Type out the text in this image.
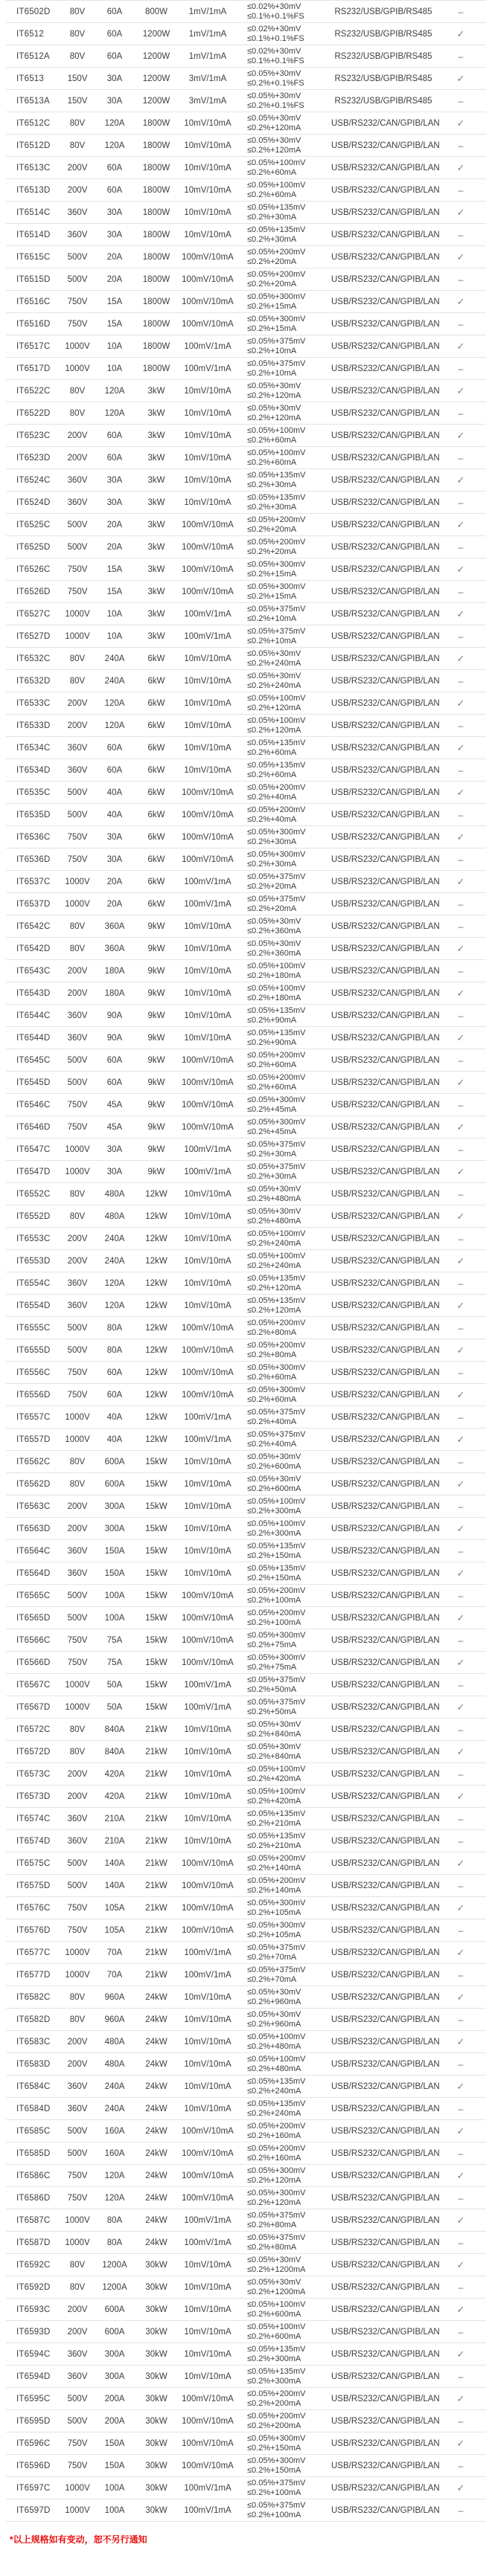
IT6502D	80V	60A	800W	1mV/1mA
≤0.02%+30mV
≤0.1%+0.1%FS	RS232/USB/GPIB/RS485	–
IT6512	80V	60A	1200W	1mV/1mA
≤0.02%+30mV
≤0.1%+0.1%FS	RS232/USB/GPIB/RS485	✓
IT6512A	80V	60A	1200W	1mV/1mA
≤0.02%+30mV
≤0.1%+0.1%FS	RS232/USB/GPIB/RS485	–
IT6513	150V	30A	1200W	3mV/1mA
≤0.05%+30mV
≤0.2%+0.1%FS	RS232/USB/GPIB/RS485	✓
IT6513A	150V	30A	1200W	3mV/1mA
≤0.05%+30mV
≤0.2%+0.1%FS	RS232/USB/GPIB/RS485	–
IT6512C	80V	120A	1800W	10mV/10mA
≤0.05%+30mV
≤0.2%+120mA	USB/RS232/CAN/GPIB/LAN	✓
IT6512D	80V	120A	1800W	10mV/10mA
≤0.05%+30mV
≤0.2%+120mA	USB/RS232/CAN/GPIB/LAN	–
IT6513C	200V	60A	1800W	10mV/10mA
≤0.05%+100mV
≤0.2%+60mA	USB/RS232/CAN/GPIB/LAN	✓
IT6513D	200V	60A	1800W	10mV/10mA
≤0.05%+100mV
≤0.2%+60mA	USB/RS232/CAN/GPIB/LAN	–
IT6514C	360V	30A	1800W	10mV/10mA
≤0.05%+135mV
≤0.2%+30mA	USB/RS232/CAN/GPIB/LAN	✓
IT6514D	360V	30A	1800W	10mV/10mA
≤0.05%+135mV
≤0.2%+30mA	USB/RS232/CAN/GPIB/LAN	–
IT6515C	500V	20A	1800W	100mV/10mA
≤0.05%+200mV
≤0.2%+20mA	USB/RS232/CAN/GPIB/LAN	✓
IT6515D	500V	20A	1800W	100mV/10mA
≤0.05%+200mV
≤0.2%+20mA	USB/RS232/CAN/GPIB/LAN	–
IT6516C	750V	15A	1800W	100mV/10mA
≤0.05%+300mV
≤0.2%+15mA	USB/RS232/CAN/GPIB/LAN	✓
IT6516D	750V	15A	1800W	100mV/10mA
≤0.05%+300mV
≤0.2%+15mA	USB/RS232/CAN/GPIB/LAN	–
IT6517C	1000V	10A	1800W	100mV/1mA
≤0.05%+375mV
≤0.2%+10mA	USB/RS232/CAN/GPIB/LAN	✓
IT6517D	1000V	10A	1800W	100mV/1mA
≤0.05%+375mV
≤0.2%+10mA	USB/RS232/CAN/GPIB/LAN	–
IT6522C	80V	120A	3kW	10mV/10mA
≤0.05%+30mV
≤0.2%+120mA	USB/RS232/CAN/GPIB/LAN	✓
IT6522D	80V	120A	3kW	10mV/10mA
≤0.05%+30mV
≤0.2%+120mA	USB/RS232/CAN/GPIB/LAN	–
IT6523C	200V	60A	3kW	10mV/10mA
≤0.05%+100mV
≤0.2%+60mA	USB/RS232/CAN/GPIB/LAN	✓
IT6523D	200V	60A	3kW	10mV/10mA
≤0.05%+100mV
≤0.2%+60mA	USB/RS232/CAN/GPIB/LAN	–
IT6524C	360V	30A	3kW	10mV/10mA
≤0.05%+135mV
≤0.2%+30mA	USB/RS232/CAN/GPIB/LAN	✓
IT6524D	360V	30A	3kW	10mV/10mA
≤0.05%+135mV
≤0.2%+30mA	USB/RS232/CAN/GPIB/LAN	–
IT6525C	500V	20A	3kW	100mV/10mA
≤0.05%+200mV
≤0.2%+20mA	USB/RS232/CAN/GPIB/LAN	✓
IT6525D	500V	20A	3kW	100mV/10mA
≤0.05%+200mV
≤0.2%+20mA	USB/RS232/CAN/GPIB/LAN	–
IT6526C	750V	15A	3kW	100mV/10mA
≤0.05%+300mV
≤0.2%+15mA	USB/RS232/CAN/GPIB/LAN	✓
IT6526D	750V	15A	3kW	100mV/10mA
≤0.05%+300mV
≤0.2%+15mA	USB/RS232/CAN/GPIB/LAN	–
IT6527C	1000V	10A	3kW	100mV/1mA
≤0.05%+375mV
≤0.2%+10mA	USB/RS232/CAN/GPIB/LAN	✓
IT6527D	1000V	10A	3kW	100mV/1mA
≤0.05%+375mV
≤0.2%+10mA	USB/RS232/CAN/GPIB/LAN	–
IT6532C	80V	240A	6kW	10mV/10mA
≤0.05%+30mV
≤0.2%+240mA	USB/RS232/CAN/GPIB/LAN	✓
IT6532D	80V	240A	6kW	10mV/10mA
≤0.05%+30mV
≤0.2%+240mA	USB/RS232/CAN/GPIB/LAN	–
IT6533C	200V	120A	6kW	10mV/10mA
≤0.05%+100mV
≤0.2%+120mA	USB/RS232/CAN/GPIB/LAN	✓
IT6533D	200V	120A	6kW	10mV/10mA
≤0.05%+100mV
≤0.2%+120mA	USB/RS232/CAN/GPIB/LAN	–
IT6534C	360V	60A	6kW	10mV/10mA
≤0.05%+135mV
≤0.2%+60mA	USB/RS232/CAN/GPIB/LAN	✓
IT6534D	360V	60A	6kW	10mV/10mA
≤0.05%+135mV
≤0.2%+60mA	USB/RS232/CAN/GPIB/LAN	–
IT6535C	500V	40A	6kW	100mV/10mA
≤0.05%+200mV
≤0.2%+40mA	USB/RS232/CAN/GPIB/LAN	✓
IT6535D	500V	40A	6kW	100mV/10mA
≤0.05%+200mV
≤0.2%+40mA	USB/RS232/CAN/GPIB/LAN	–
IT6536C	750V	30A	6kW	100mV/10mA
≤0.05%+300mV
≤0.2%+30mA	USB/RS232/CAN/GPIB/LAN	✓
IT6536D	750V	30A	6kW	100mV/10mA
≤0.05%+300mV
≤0.2%+30mA	USB/RS232/CAN/GPIB/LAN	–
IT6537C	1000V	20A	6kW	100mV/1mA
≤0.05%+375mV
≤0.2%+20mA	USB/RS232/CAN/GPIB/LAN	✓
IT6537D	1000V	20A	6kW	100mV/1mA
≤0.05%+375mV
≤0.2%+20mA	USB/RS232/CAN/GPIB/LAN	–
IT6542C	80V	360A	9kW	10mV/10mA
≤0.05%+30mV
≤0.2%+360mA	USB/RS232/CAN/GPIB/LAN	–
IT6542D	80V	360A	9kW	10mV/10mA
≤0.05%+30mV
≤0.2%+360mA	USB/RS232/CAN/GPIB/LAN	✓
IT6543C	200V	180A	9kW	10mV/10mA
≤0.05%+100mV
≤0.2%+180mA	USB/RS232/CAN/GPIB/LAN	–
IT6543D	200V	180A	9kW	10mV/10mA
≤0.05%+100mV
≤0.2%+180mA	USB/RS232/CAN/GPIB/LAN	✓
IT6544C	360V	90A	9kW	10mV/10mA
≤0.05%+135mV
≤0.2%+90mA	USB/RS232/CAN/GPIB/LAN	–
IT6544D	360V	90A	9kW	10mV/10mA
≤0.05%+135mV
≤0.2%+90mA	USB/RS232/CAN/GPIB/LAN	✓
IT6545C	500V	60A	9kW	100mV/10mA
≤0.05%+200mV
≤0.2%+60mA	USB/RS232/CAN/GPIB/LAN	–
IT6545D	500V	60A	9kW	100mV/10mA
≤0.05%+200mV
≤0.2%+60mA	USB/RS232/CAN/GPIB/LAN	✓
IT6546C	750V	45A	9kW	100mV/10mA
≤0.05%+300mV
≤0.2%+45mA	USB/RS232/CAN/GPIB/LAN	–
IT6546D	750V	45A	9kW	100mV/10mA
≤0.05%+300mV
≤0.2%+45mA	USB/RS232/CAN/GPIB/LAN	✓
IT6547C	1000V	30A	9kW	100mV/1mA
≤0.05%+375mV
≤0.2%+30mA	USB/RS232/CAN/GPIB/LAN	–
IT6547D	1000V	30A	9kW	100mV/1mA
≤0.05%+375mV
≤0.2%+30mA	USB/RS232/CAN/GPIB/LAN	✓
IT6552C	80V	480A	12kW	10mV/10mA
≤0.05%+30mV
≤0.2%+480mA	USB/RS232/CAN/GPIB/LAN	–
IT6552D	80V	480A	12kW	10mV/10mA
≤0.05%+30mV
≤0.2%+480mA	USB/RS232/CAN/GPIB/LAN	✓
IT6553C	200V	240A	12kW	10mV/10mA
≤0.05%+100mV
≤0.2%+240mA	USB/RS232/CAN/GPIB/LAN	–
IT6553D	200V	240A	12kW	10mV/10mA
≤0.05%+100mV
≤0.2%+240mA	USB/RS232/CAN/GPIB/LAN	✓
IT6554C	360V	120A	12kW	10mV/10mA
≤0.05%+135mV
≤0.2%+120mA	USB/RS232/CAN/GPIB/LAN	–
IT6554D	360V	120A	12kW	10mV/10mA
≤0.05%+135mV
≤0.2%+120mA	USB/RS232/CAN/GPIB/LAN	✓
IT6555C	500V	80A	12kW	100mV/10mA
≤0.05%+200mV
≤0.2%+80mA	USB/RS232/CAN/GPIB/LAN	–
IT6555D	500V	80A	12kW	100mV/10mA
≤0.05%+200mV
≤0.2%+80mA	USB/RS232/CAN/GPIB/LAN	✓
IT6556C	750V	60A	12kW	100mV/10mA
≤0.05%+300mV
≤0.2%+60mA	USB/RS232/CAN/GPIB/LAN	–
IT6556D	750V	60A	12kW	100mV/10mA
≤0.05%+300mV
≤0.2%+60mA	USB/RS232/CAN/GPIB/LAN	✓
IT6557C	1000V	40A	12kW	100mV/1mA
≤0.05%+375mV
≤0.2%+40mA	USB/RS232/CAN/GPIB/LAN	–
IT6557D	1000V	40A	12kW	100mV/1mA
≤0.05%+375mV
≤0.2%+40mA	USB/RS232/CAN/GPIB/LAN	✓
IT6562C	80V	600A	15kW	10mV/10mA
≤0.05%+30mV
≤0.2%+600mA	USB/RS232/CAN/GPIB/LAN	–
IT6562D	80V	600A	15kW	10mV/10mA
≤0.05%+30mV
≤0.2%+600mA	USB/RS232/CAN/GPIB/LAN	✓
IT6563C	200V	300A	15kW	10mV/10mA
≤0.05%+100mV
≤0.2%+300mA	USB/RS232/CAN/GPIB/LAN	–
IT6563D	200V	300A	15kW	10mV/10mA
≤0.05%+100mV
≤0.2%+300mA	USB/RS232/CAN/GPIB/LAN	✓
IT6564C	360V	150A	15kW	10mV/10mA
≤0.05%+135mV
≤0.2%+150mA	USB/RS232/CAN/GPIB/LAN	–
IT6564D	360V	150A	15kW	10mV/10mA
≤0.05%+135mV
≤0.2%+150mA	USB/RS232/CAN/GPIB/LAN	✓
IT6565C	500V	100A	15kW	100mV/10mA
≤0.05%+200mV
≤0.2%+100mA	USB/RS232/CAN/GPIB/LAN	–
IT6565D	500V	100A	15kW	100mV/10mA
≤0.05%+200mV
≤0.2%+100mA	USB/RS232/CAN/GPIB/LAN	✓
IT6566C	750V	75A	15kW	100mV/10mA
≤0.05%+300mV
≤0.2%+75mA	USB/RS232/CAN/GPIB/LAN	–
IT6566D	750V	75A	15kW	100mV/10mA
≤0.05%+300mV
≤0.2%+75mA	USB/RS232/CAN/GPIB/LAN	✓
IT6567C	1000V	50A	15kW	100mV/1mA
≤0.05%+375mV
≤0.2%+50mA	USB/RS232/CAN/GPIB/LAN	–
IT6567D	1000V	50A	15kW	100mV/1mA
≤0.05%+375mV
≤0.2%+50mA	USB/RS232/CAN/GPIB/LAN	✓
IT6572C	80V	840A	21kW	10mV/10mA
≤0.05%+30mV
≤0.2%+840mA	USB/RS232/CAN/GPIB/LAN	–
IT6572D	80V	840A	21kW	10mV/10mA
≤0.05%+30mV
≤0.2%+840mA	USB/RS232/CAN/GPIB/LAN	✓
IT6573C	200V	420A	21kW	10mV/10mA
≤0.05%+100mV
≤0.2%+420mA	USB/RS232/CAN/GPIB/LAN	–
IT6573D	200V	420A	21kW	10mV/10mA
≤0.05%+100mV
≤0.2%+420mA	USB/RS232/CAN/GPIB/LAN	✓
IT6574C	360V	210A	21kW	10mV/10mA
≤0.05%+135mV
≤0.2%+210mA	USB/RS232/CAN/GPIB/LAN	–
IT6574D	360V	210A	21kW	10mV/10mA
≤0.05%+135mV
≤0.2%+210mA	USB/RS232/CAN/GPIB/LAN	–
IT6575C	500V	140A	21kW	100mV/10mA
≤0.05%+200mV
≤0.2%+140mA	USB/RS232/CAN/GPIB/LAN	✓
IT6575D	500V	140A	21kW	100mV/10mA
≤0.05%+200mV
≤0.2%+140mA	USB/RS232/CAN/GPIB/LAN	–
IT6576C	750V	105A	21kW	100mV/10mA
≤0.05%+300mV
≤0.2%+105mA	USB/RS232/CAN/GPIB/LAN	✓
IT6576D	750V	105A	21kW	100mV/10mA
≤0.05%+300mV
≤0.2%+105mA	USB/RS232/CAN/GPIB/LAN	–
IT6577C	1000V	70A	21kW	100mV/1mA
≤0.05%+375mV
≤0.2%+70mA	USB/RS232/CAN/GPIB/LAN	✓
IT6577D	1000V	70A	21kW	100mV/1mA
≤0.05%+375mV
≤0.2%+70mA	USB/RS232/CAN/GPIB/LAN	–
IT6582C	80V	960A	24kW	10mV/10mA
≤0.05%+30mV
≤0.2%+960mA	USB/RS232/CAN/GPIB/LAN	✓
IT6582D	80V	960A	24kW	10mV/10mA
≤0.05%+30mV
≤0.2%+960mA	USB/RS232/CAN/GPIB/LAN	–
IT6583C	200V	480A	24kW	10mV/10mA
≤0.05%+100mV
≤0.2%+480mA	USB/RS232/CAN/GPIB/LAN	✓
IT6583D	200V	480A	24kW	10mV/10mA
≤0.05%+100mV
≤0.2%+480mA	USB/RS232/CAN/GPIB/LAN	–
IT6584C	360V	240A	24kW	10mV/10mA
≤0.05%+135mV
≤0.2%+240mA	USB/RS232/CAN/GPIB/LAN	✓
IT6584D	360V	240A	24kW	10mV/10mA
≤0.05%+135mV
≤0.2%+240mA	USB/RS232/CAN/GPIB/LAN	–
IT6585C	500V	160A	24kW	100mV/10mA
≤0.05%+200mV
≤0.2%+160mA	USB/RS232/CAN/GPIB/LAN	✓
IT6585D	500V	160A	24kW	100mV/10mA
≤0.05%+200mV
≤0.2%+160mA	USB/RS232/CAN/GPIB/LAN	–
IT6586C	750V	120A	24kW	100mV/10mA
≤0.05%+300mV
≤0.2%+120mA	USB/RS232/CAN/GPIB/LAN	✓
IT6586D	750V	120A	24kW	100mV/10mA
≤0.05%+300mV
≤0.2%+120mA	USB/RS232/CAN/GPIB/LAN	–
IT6587C	1000V	80A	24kW	100mV/1mA
≤0.05%+375mV
≤0.2%+80mA	USB/RS232/CAN/GPIB/LAN	✓
IT6587D	1000V	80A	24kW	100mV/1mA
≤0.05%+375mV
≤0.2%+80mA	USB/RS232/CAN/GPIB/LAN	–
IT6592C	80V	1200A	30kW	10mV/10mA
≤0.05%+30mV
≤0.2%+1200mA	USB/RS232/CAN/GPIB/LAN	✓
IT6592D	80V	1200A	30kW	10mV/10mA
≤0.05%+30mV
≤0.2%+1200mA	USB/RS232/CAN/GPIB/LAN	–
IT6593C	200V	600A	30kW	10mV/10mA
≤0.05%+100mV
≤0.2%+600mA	USB/RS232/CAN/GPIB/LAN	✓
IT6593D	200V	600A	30kW	10mV/10mA
≤0.05%+100mV
≤0.2%+600mA	USB/RS232/CAN/GPIB/LAN	–
IT6594C	360V	300A	30kW	10mV/10mA
≤0.05%+135mV
≤0.2%+300mA	USB/RS232/CAN/GPIB/LAN	✓
IT6594D	360V	300A	30kW	10mV/10mA
≤0.05%+135mV
≤0.2%+300mA	USB/RS232/CAN/GPIB/LAN	–
IT6595C	500V	200A	30kW	100mV/10mA
≤0.05%+200mV
≤0.2%+200mA	USB/RS232/CAN/GPIB/LAN	✓
IT6595D	500V	200A	30kW	100mV/10mA
≤0.05%+200mV
≤0.2%+200mA	USB/RS232/CAN/GPIB/LAN	–
IT6596C	750V	150A	30kW	100mV/10mA
≤0.05%+300mV
≤0.2%+150mA	USB/RS232/CAN/GPIB/LAN	✓
IT6596D	750V	150A	30kW	100mV/10mA
≤0.05%+300mV
≤0.2%+150mA	USB/RS232/CAN/GPIB/LAN	–
IT6597C	1000V	100A	30kW	100mV/1mA
≤0.05%+375mV
≤0.2%+100mA	USB/RS232/CAN/GPIB/LAN	✓
IT6597D	1000V	100A	30kW	100mV/1mA
≤0.05%+375mV
≤0.2%+100mA	USB/RS232/CAN/GPIB/LAN	–
*以上规格如有变动，恕不另行通知
